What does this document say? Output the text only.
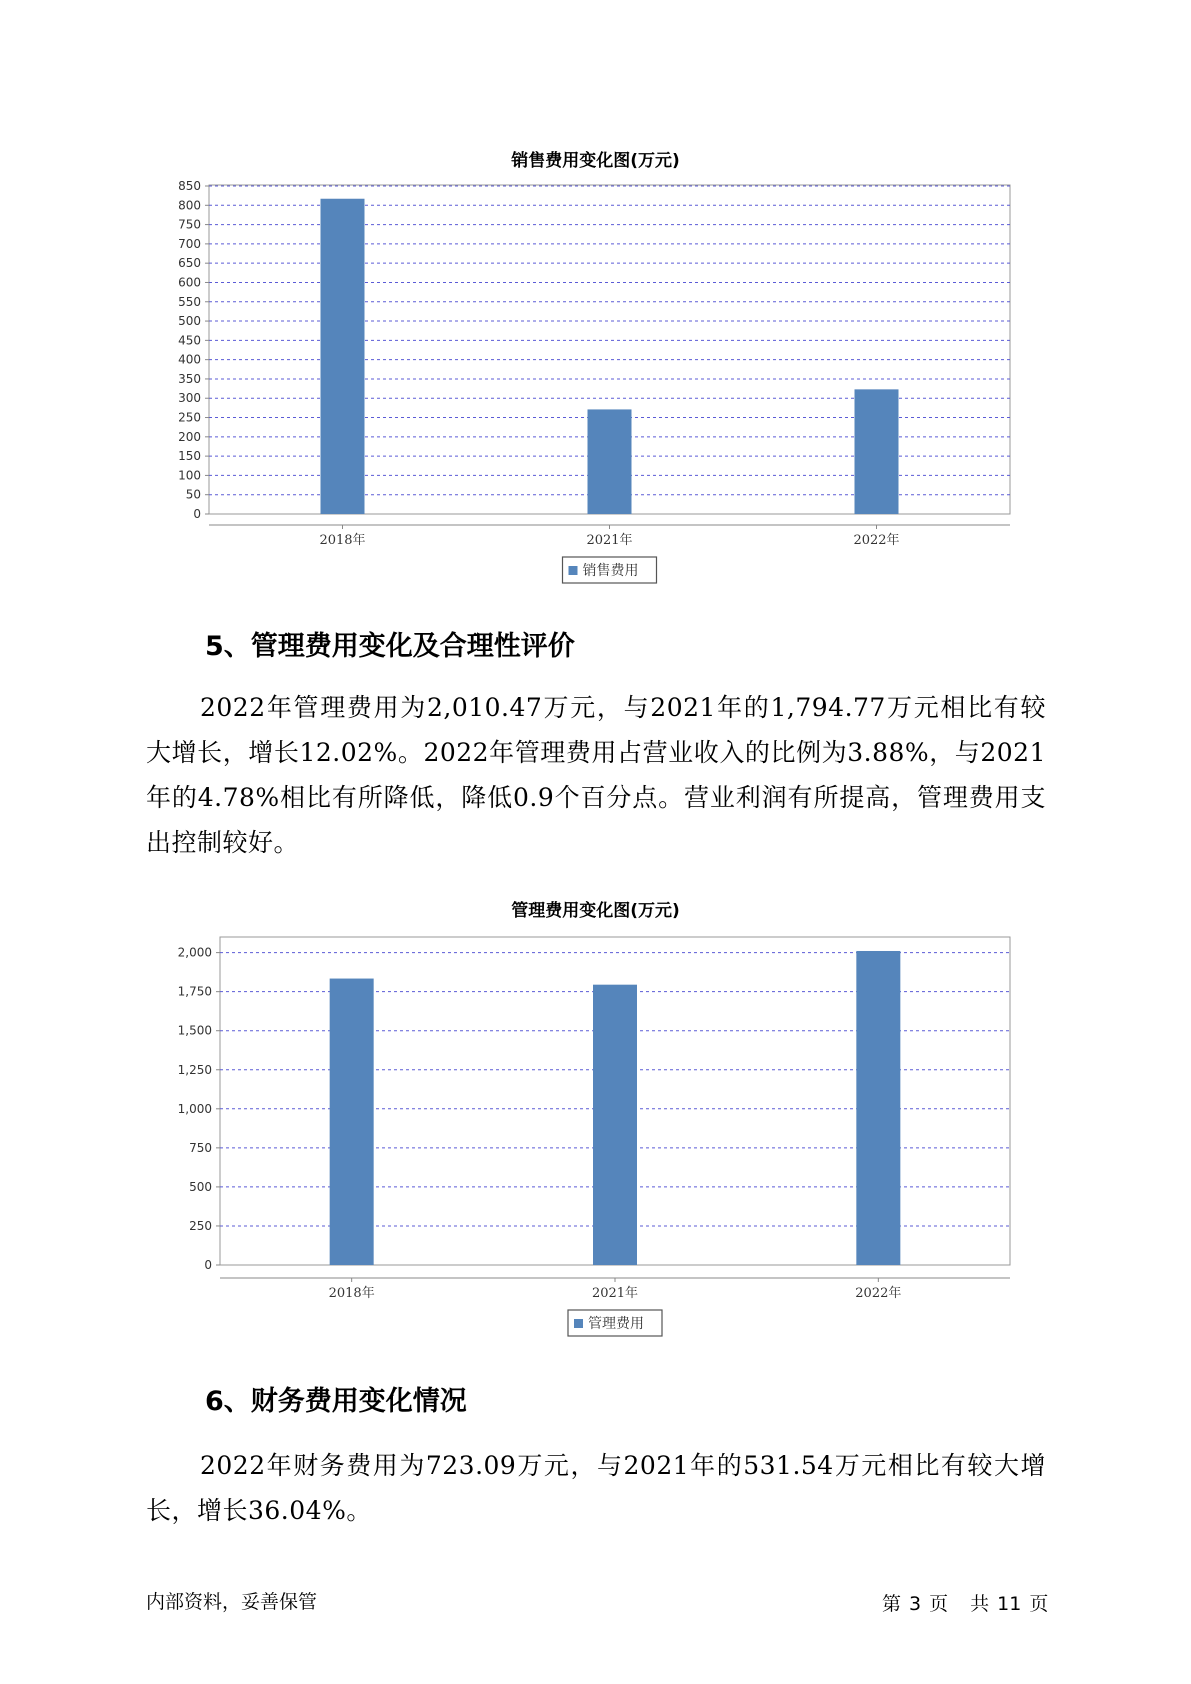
销售费用变化图(万元)
0
50
100
150
200
250
300
350
400
450
500
550
600
650
700
750
800
850
2018年	2021年	2022年
销售费用
5、管理费用变化及合理性评价

2022年管理费用为2,010.47万元，与2021年的1,794.77万元相比有较大增长，增长12.02%。2022年管理费用占营业收入的比例为3.88%，与2021年的4.78%相比有所降低，降低0.9个百分点。营业利润有所提高，管理费用支出控制较好。

管理费用变化图(万元)
0
250
500
750
1,000
1,250
1,500
1,750
2,000
2018年	2021年	2022年
管理费用
6、财务费用变化情况

2022年财务费用为723.09万元，与2021年的531.54万元相比有较大增长，增长36.04%。

内部资料，妥善保管	第 3 页 共 11 页
